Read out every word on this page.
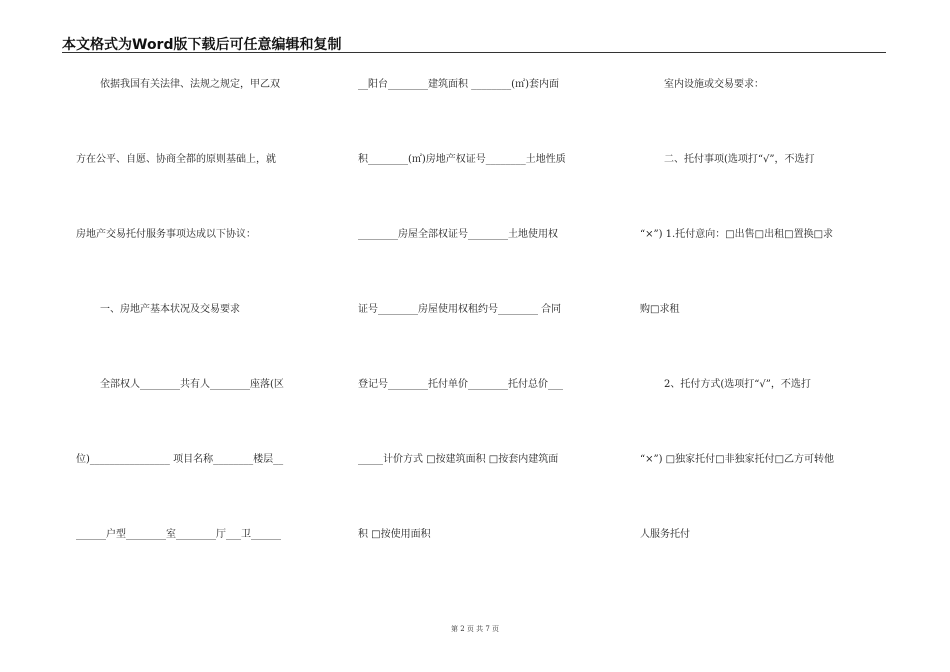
本文格式为Word版下载后可任意编辑和复制
依据我国有关法律、法规之规定，甲乙双
方在公平、自愿、协商全都的原则基础上，就
房地产交易托付服务事项达成以下协议：
一、房地产基本状况及交易要求
全部权人________共有人________座落(区
位)________________ 项目名称________楼层__
______户型________室________厅___卫______
__阳台________建筑面积 ________(㎡)套内面
积________(㎡)房地产权证号________土地性质
________房屋全部权证号________土地使用权
证号________房屋使用权租约号________ 合同
登记号________托付单价________托付总价___
_____计价方式 □按建筑面积 □按套内建筑面
积 □按使用面积
室内设施或交易要求：
二、托付事项(选项打“√”，不选打
“×”) 1.托付意向：□出售□出租□置换□求
购□求租
2、托付方式(选项打“√”，不选打
“×”) □独家托付□非独家托付□乙方可转他
人服务托付
第 2 页 共 7 页
